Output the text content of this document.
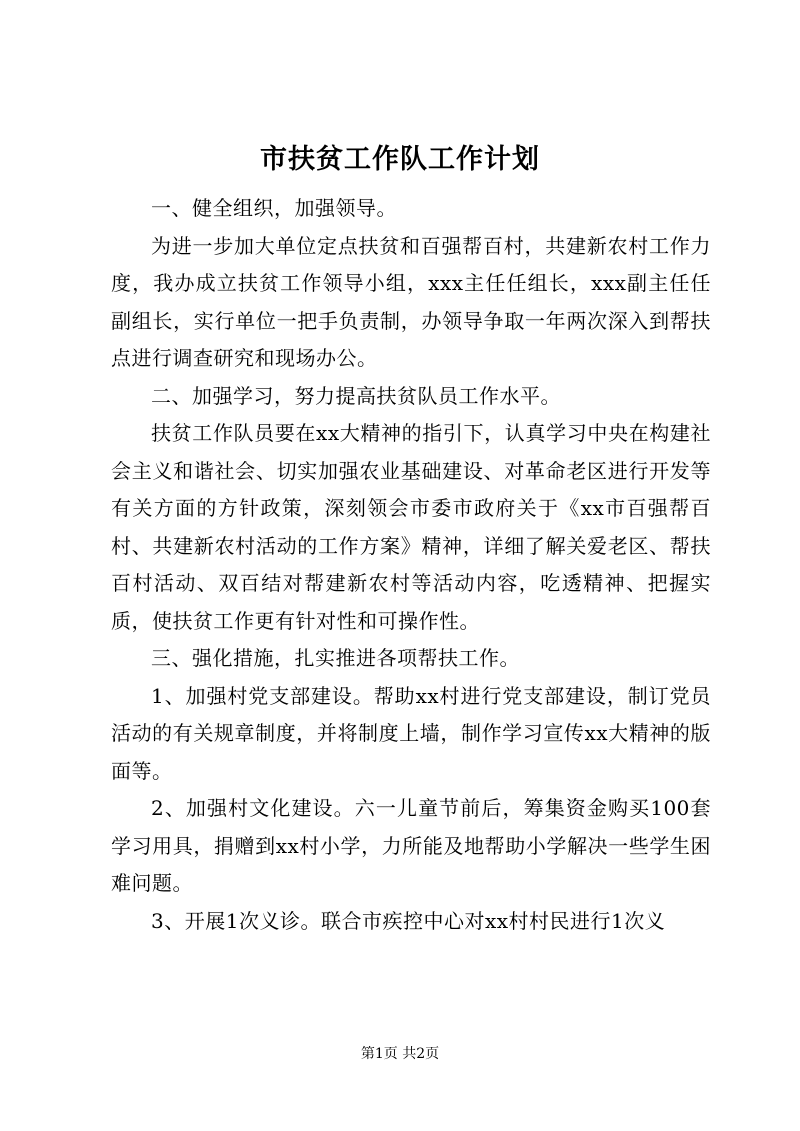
市扶贫工作队工作计划

一、健全组织，加强领导。

为进一步加大单位定点扶贫和百强帮百村，共建新农村工作力度，我办成立扶贫工作领导小组，xxx主任任组长，xxx副主任任副组长，实行单位一把手负责制，办领导争取一年两次深入到帮扶点进行调查研究和现场办公。

二、加强学习，努力提高扶贫队员工作水平。

扶贫工作队员要在xx大精神的指引下，认真学习中央在构建社会主义和谐社会、切实加强农业基础建设、对革命老区进行开发等有关方面的方针政策，深刻领会市委市政府关于《xx市百强帮百村、共建新农村活动的工作方案》精神，详细了解关爱老区、帮扶百村活动、双百结对帮建新农村等活动内容，吃透精神、把握实质，使扶贫工作更有针对性和可操作性。

三、强化措施，扎实推进各项帮扶工作。

1、加强村党支部建设。帮助xx村进行党支部建设，制订党员活动的有关规章制度，并将制度上墙，制作学习宣传xx大精神的版面等。

2、加强村文化建设。六一儿童节前后，筹集资金购买100套学习用具，捐赠到xx村小学，力所能及地帮助小学解决一些学生困难问题。

3、开展1次义诊。联合市疾控中心对xx村村民进行1次义

第1页 共2页
